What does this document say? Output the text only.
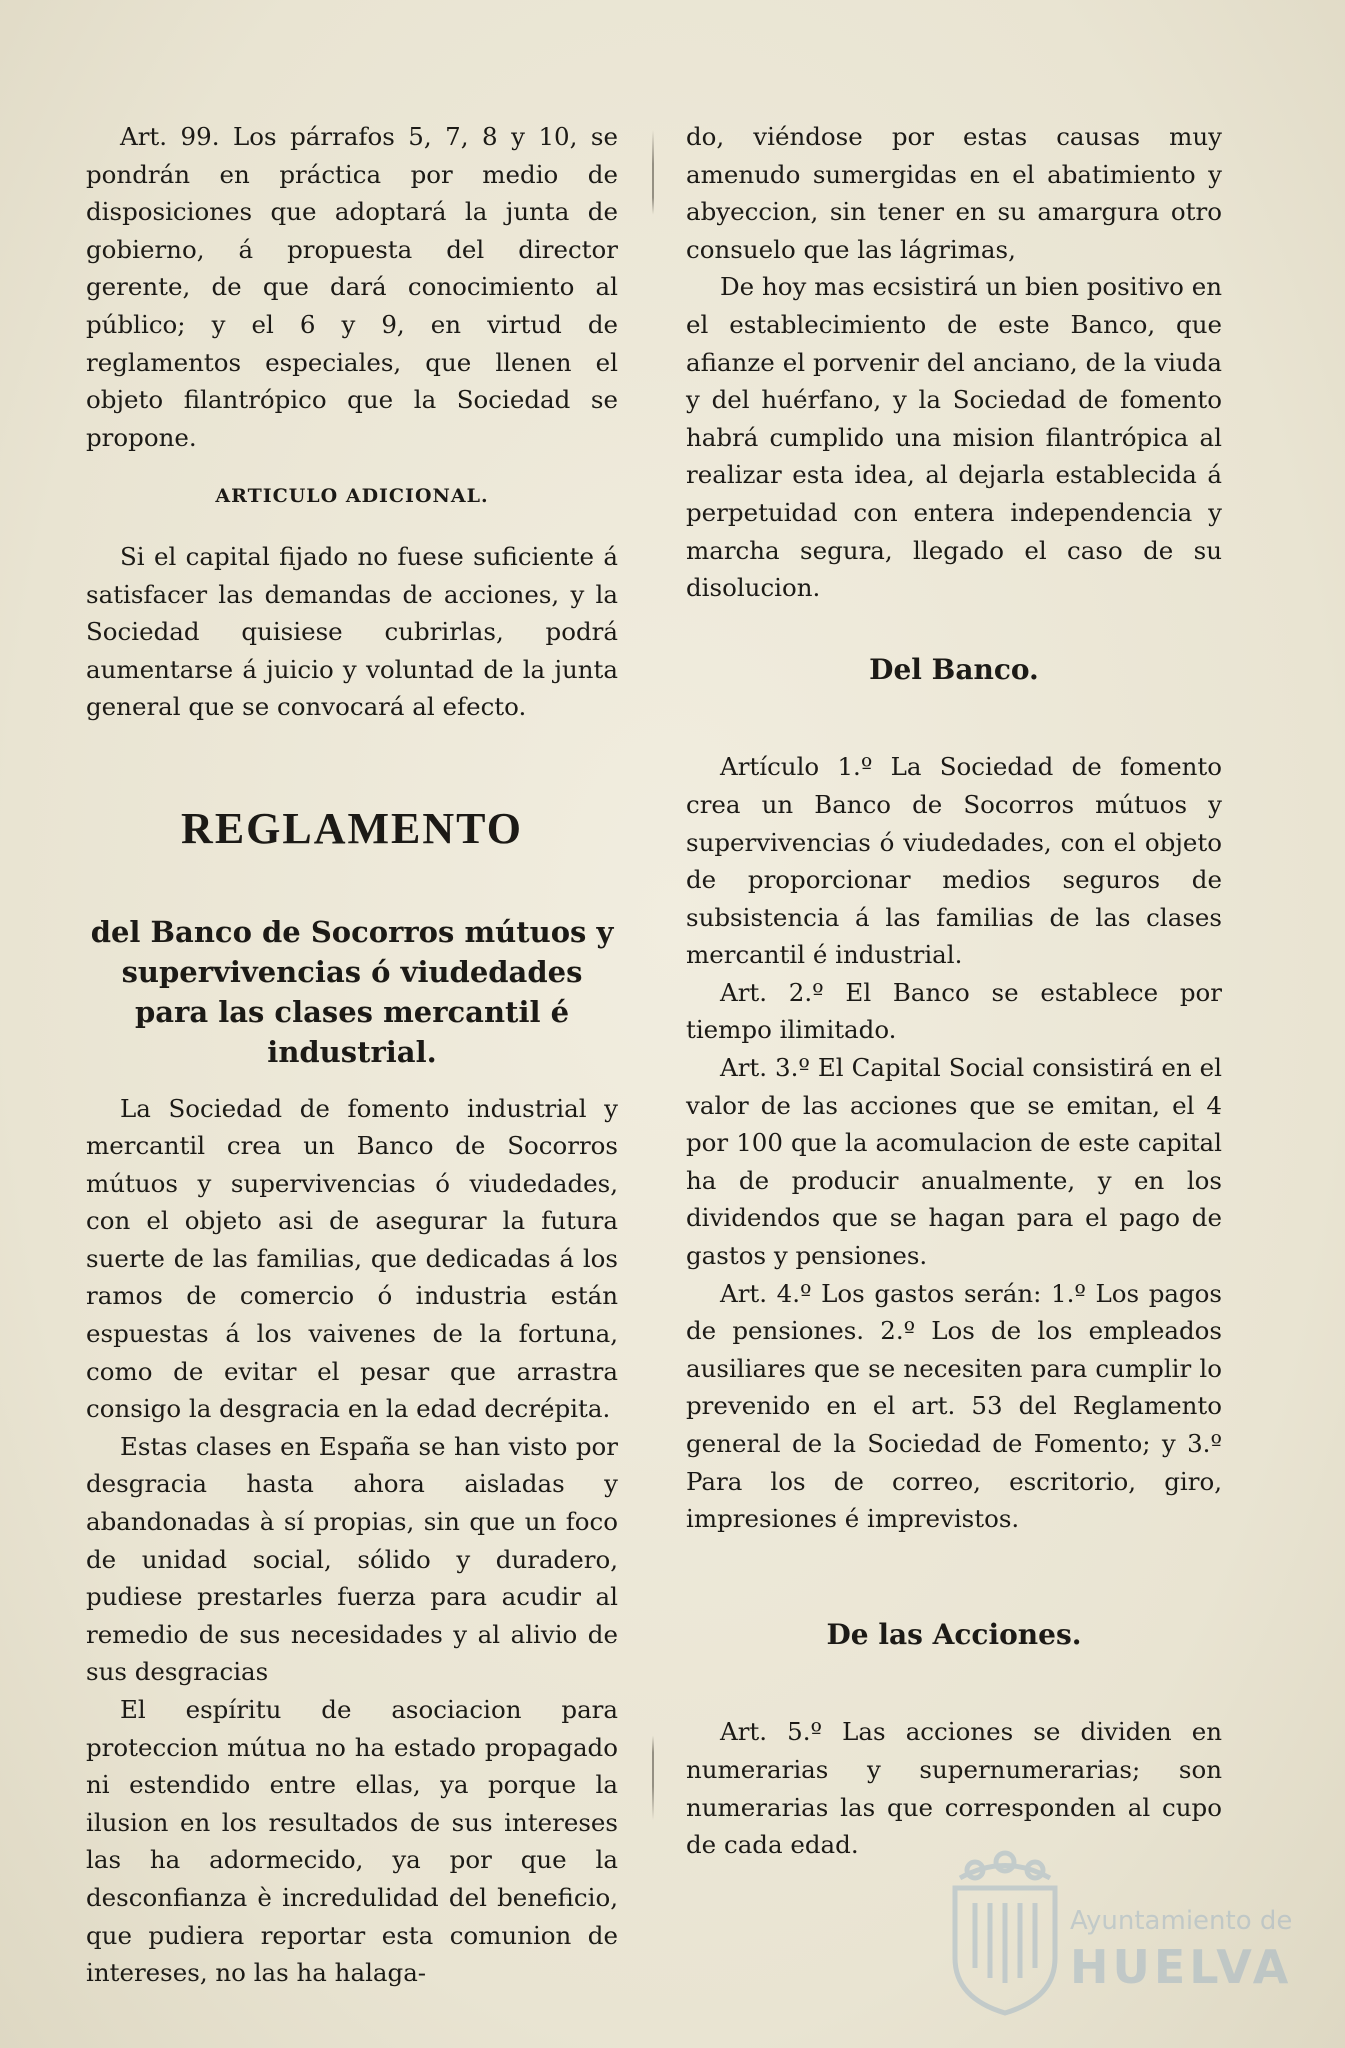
Art. 99. Los párrafos 5, 7, 8 y 10, se pondrán en práctica por medio de disposiciones que adoptará la junta de gobierno, á propuesta del director gerente, de que dará conocimiento al público; y el 6 y 9, en virtud de reglamentos especiales, que llenen el objeto filantrópico que la Sociedad se propone.

ARTICULO ADICIONAL.

Si el capital fijado no fuese suficiente á satisfacer las demandas de acciones, y la Sociedad quisiese cubrirlas, podrá aumentarse á juicio y voluntad de la junta general que se convocará al efecto.

REGLAMENTO
del Banco de Socorros mútuos y supervivencias ó viudedades para las clases mercantil é industrial.

La Sociedad de fomento industrial y mercantil crea un Banco de Socorros mútuos y supervivencias ó viudedades, con el objeto asi de asegurar la futura suerte de las familias, que dedicadas á los ramos de comercio ó industria están espuestas á los vaivenes de la fortuna, como de evitar el pesar que arrastra consigo la desgracia en la edad decrépita.

Estas clases en España se han visto por desgracia hasta ahora aisladas y abandonadas à sí propias, sin que un foco de unidad social, sólido y duradero, pudiese prestarles fuerza para acudir al remedio de sus necesidades y al alivio de sus desgracias

El espíritu de asociacion para proteccion mútua no ha estado propagado ni estendido entre ellas, ya porque la ilusion en los resultados de sus intereses las ha adormecido, ya por que la desconfianza è incredulidad del beneficio, que pudiera reportar esta comunion de intereses, no las ha halaga-

do, viéndose por estas causas muy amenudo sumergidas en el abatimiento y abyeccion, sin tener en su amargura otro consuelo que las lágrimas,

De hoy mas ecsistirá un bien positivo en el establecimiento de este Banco, que afianze el porvenir del anciano, de la viuda y del huérfano, y la Sociedad de fomento habrá cumplido una mision filantrópica al realizar esta idea, al dejarla establecida á perpetuidad con entera independencia y marcha segura, llegado el caso de su disolucion.

Del Banco.

Artículo 1.º La Sociedad de fomento crea un Banco de Socorros mútuos y supervivencias ó viudedades, con el objeto de proporcionar medios seguros de subsistencia á las familias de las clases mercantil é industrial.

Art. 2.º El Banco se establece por tiempo ilimitado.

Art. 3.º El Capital Social consistirá en el valor de las acciones que se emitan, el 4 por 100 que la acomulacion de este capital ha de producir anualmente, y en los dividendos que se hagan para el pago de gastos y pensiones.

Art. 4.º Los gastos serán: 1.º Los pagos de pensiones. 2.º Los de los empleados ausiliares que se necesiten para cumplir lo prevenido en el art. 53 del Reglamento general de la Sociedad de Fomento; y 3.º Para los de correo, escritorio, giro, impresiones é imprevistos.

De las Acciones.

Art. 5.º Las acciones se dividen en numerarias y supernumerarias; son numerarias las que corresponden al cupo de cada edad.

Ayuntamiento de
HUELVA
